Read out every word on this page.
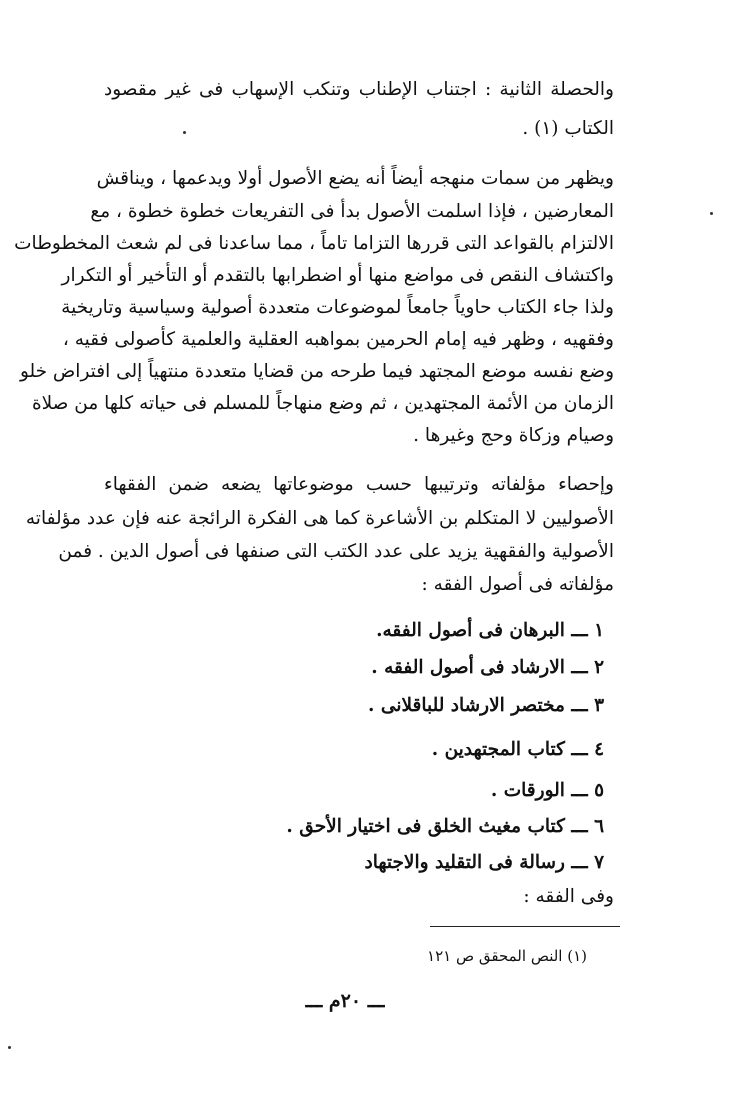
والحصلة الثانية : اجتناب الإطناب وتنكب الإسهاب فى غير مقصود
الكتاب (١) .
ويظهر من سمات منهجه أيضاً أنه يضع الأصول أولا ويدعمها ، ويناقش
المعارضين ، فإذا اسلمت الأصول بدأ فى التفريعات خطوة خطوة ، مع
الالتزام بالقواعد التى قررها التزاما تاماً ، مما ساعدنا فى لم شعث المخطوطات
واكتشاف النقص فى مواضع منها أو اضطرابها بالتقدم أو التأخير أو التكرار
ولذا جاء الكتاب حاوياً جامعاً لموضوعات متعددة أصولية وسياسية وتاريخية
وفقهيه ، وظهر فيه إمام الحرمين بمواهبه العقلية والعلمية كأصولى فقيه ،
وضع نفسه موضع المجتهد فيما طرحه من قضايا متعددة منتهياً إلى افتراض خلو
الزمان من الأئمة المجتهدين ، ثم وضع منهاجاً للمسلم فى حياته كلها من صلاة
وصيام وزكاة وحج وغيرها .
وإحصاء مؤلفاته وترتيبها حسب موضوعاتها يضعه ضمن الفقهاء
الأصوليين لا المتكلم بن الأشاعرة كما هى الفكرة الرائجة عنه فإن عدد مؤلفاته
الأصولية والفقهية يزيد على عدد الكتب التى صنفها فى أصول الدين . فمن
مؤلفاته فى أصول الفقه :
١ ـــ البرهان فى أصول الفقه.
٢ ـــ الارشاد فى أصول الفقه .
٣ ـــ مختصر الارشاد للباقلانى .
٤ ـــ كتاب المجتهدين .
٥ ـــ الورقات .
٦ ـــ كتاب مغيث الخلق فى اختيار الأحق .
٧ ـــ رسالة فى التقليد والاجتهاد
وفى الفقه :
(١) النص المحقق ص ١٢١
ـــ ٢٠م ـــ
